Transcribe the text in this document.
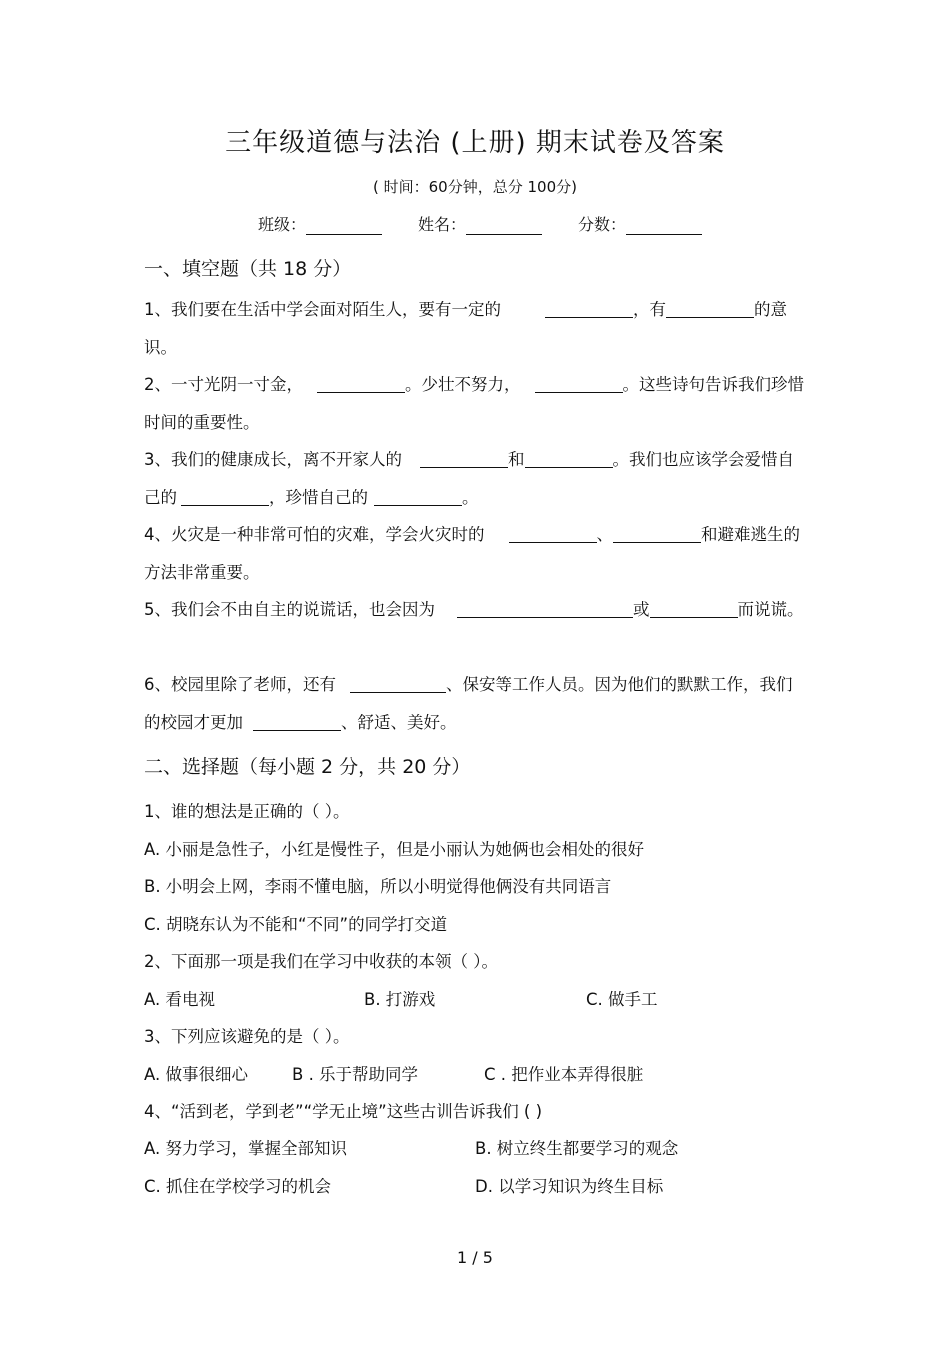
三年级道德与法治 (上册) 期末试卷及答案
( 时间：60分钟，总分 100分)
班级：	姓名：	分数：
一、填空题（共 18 分）
1、我们要在生活中学会面对陌生人，要有一定的	，有	的意识。
2、一寸光阴一寸金，	。少壮不努力，	。这些诗句告诉我们珍惜时间的重要性。
3、我们的健康成长，离不开家人的	和	。我们也应该学会爱惜自己的	，珍惜自己的	。
4、火灾是一种非常可怕的灾难，学会火灾时的	、	和避难逃生的方法非常重要。
5、我们会不由自主的说谎话，也会因为	或	而说谎。
6、校园里除了老师，还有	、保安等工作人员。因为他们的默默工作，我们的校园才更加	、舒适、美好。
二、选择题（每小题 2 分，共 20 分）
1、谁的想法是正确的（ ）。
A. 小丽是急性子，小红是慢性子，但是小丽认为她俩也会相处的很好
B. 小明会上网，李雨不懂电脑，所以小明觉得他俩没有共同语言
C. 胡晓东认为不能和“不同”的同学打交道
2、下面那一项是我们在学习中收获的本领（ ）。
A. 看电视	B. 打游戏	C. 做手工
3、下列应该避免的是（ ）。
A. 做事很细心	B . 乐于帮助同学	C . 把作业本弄得很脏
4、“活到老，学到老”“学无止境”这些古训告诉我们 ( )
A. 努力学习，掌握全部知识	B. 树立终生都要学习的观念
C. 抓住在学校学习的机会	D. 以学习知识为终生目标
1 / 5
